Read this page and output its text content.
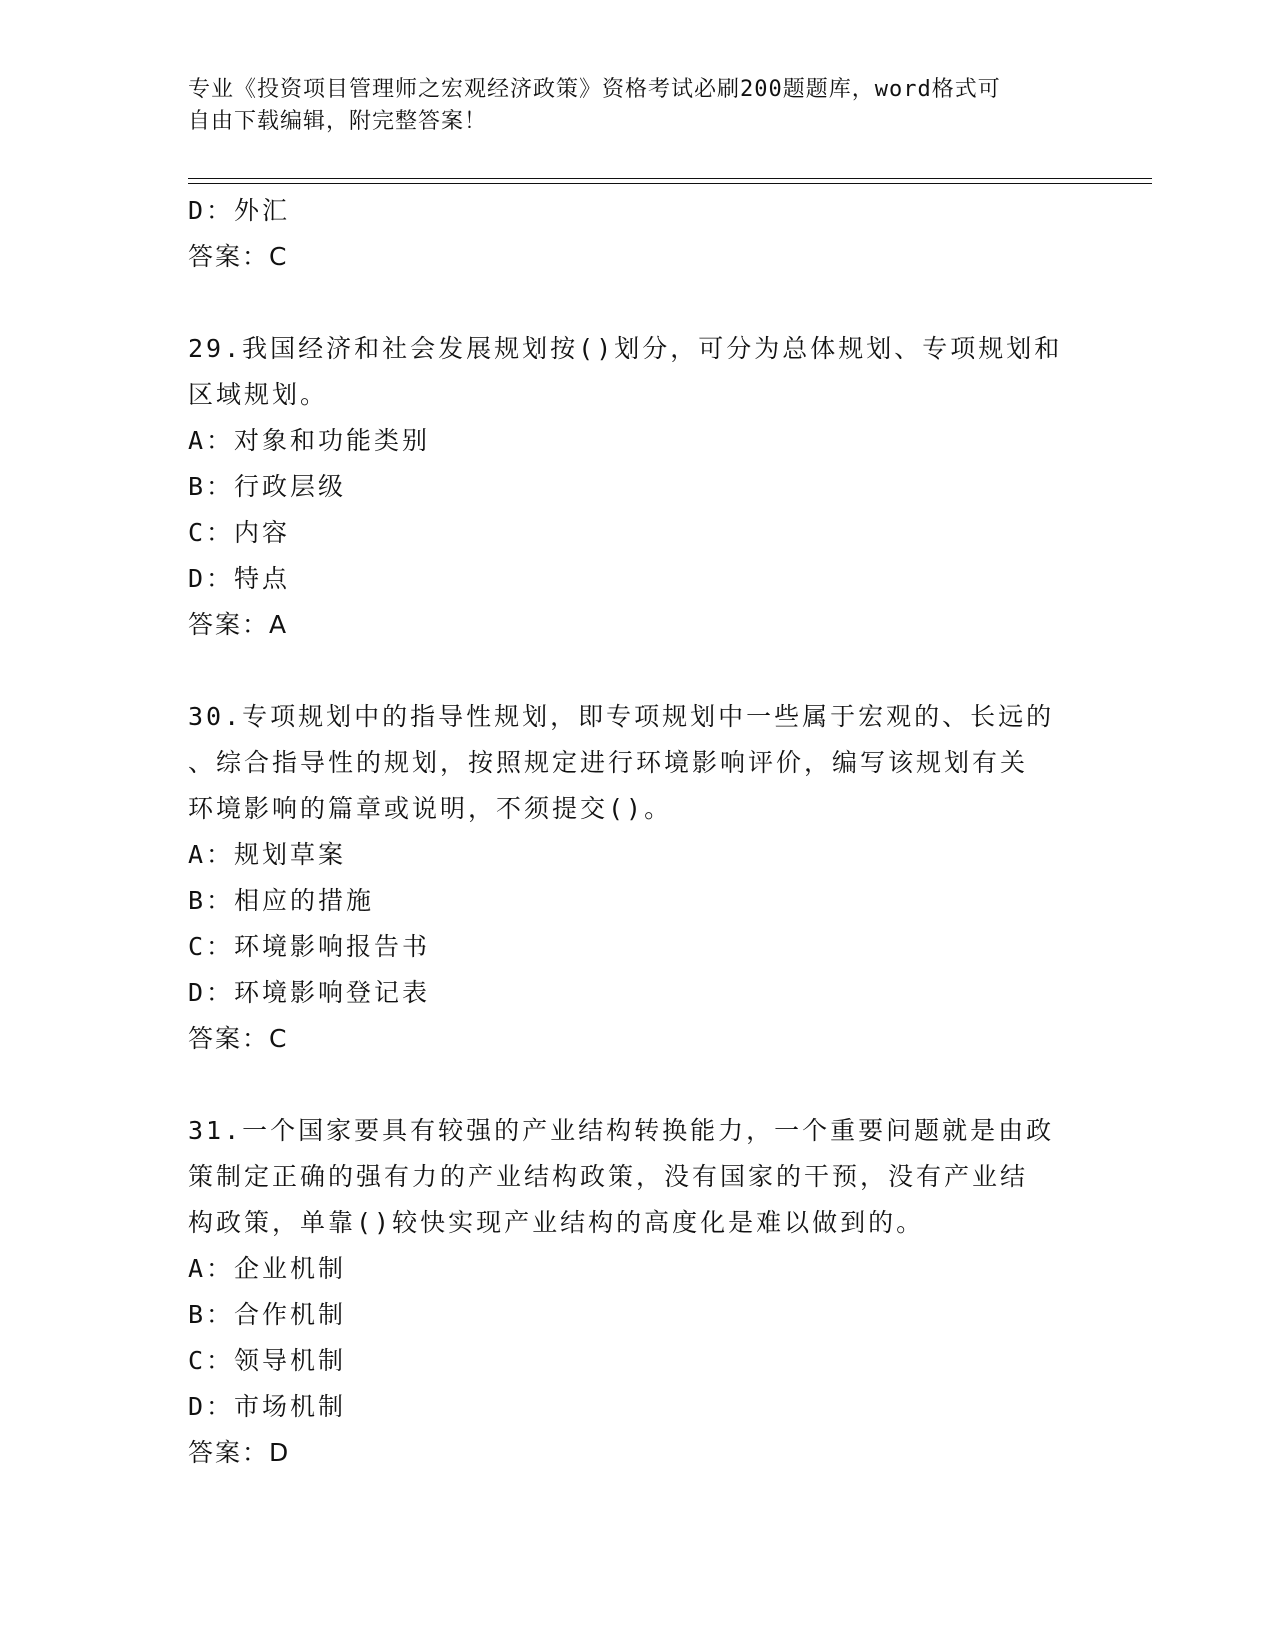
专业《投资项目管理师之宏观经济政策》资格考试必刷200题题库，word格式可
自由下载编辑，附完整答案！
D：外汇
答案：C
29.我国经济和社会发展规划按()划分，可分为总体规划、专项规划和
区域规划。
A：对象和功能类别
B：行政层级
C：内容
D：特点
答案：A
30.专项规划中的指导性规划，即专项规划中一些属于宏观的、长远的
、综合指导性的规划，按照规定进行环境影响评价，编写该规划有关
环境影响的篇章或说明，不须提交()。
A：规划草案
B：相应的措施
C：环境影响报告书
D：环境影响登记表
答案：C
31.一个国家要具有较强的产业结构转换能力，一个重要问题就是由政
策制定正确的强有力的产业结构政策，没有国家的干预，没有产业结
构政策，单靠()较快实现产业结构的高度化是难以做到的。
A：企业机制
B：合作机制
C：领导机制
D：市场机制
答案：D
